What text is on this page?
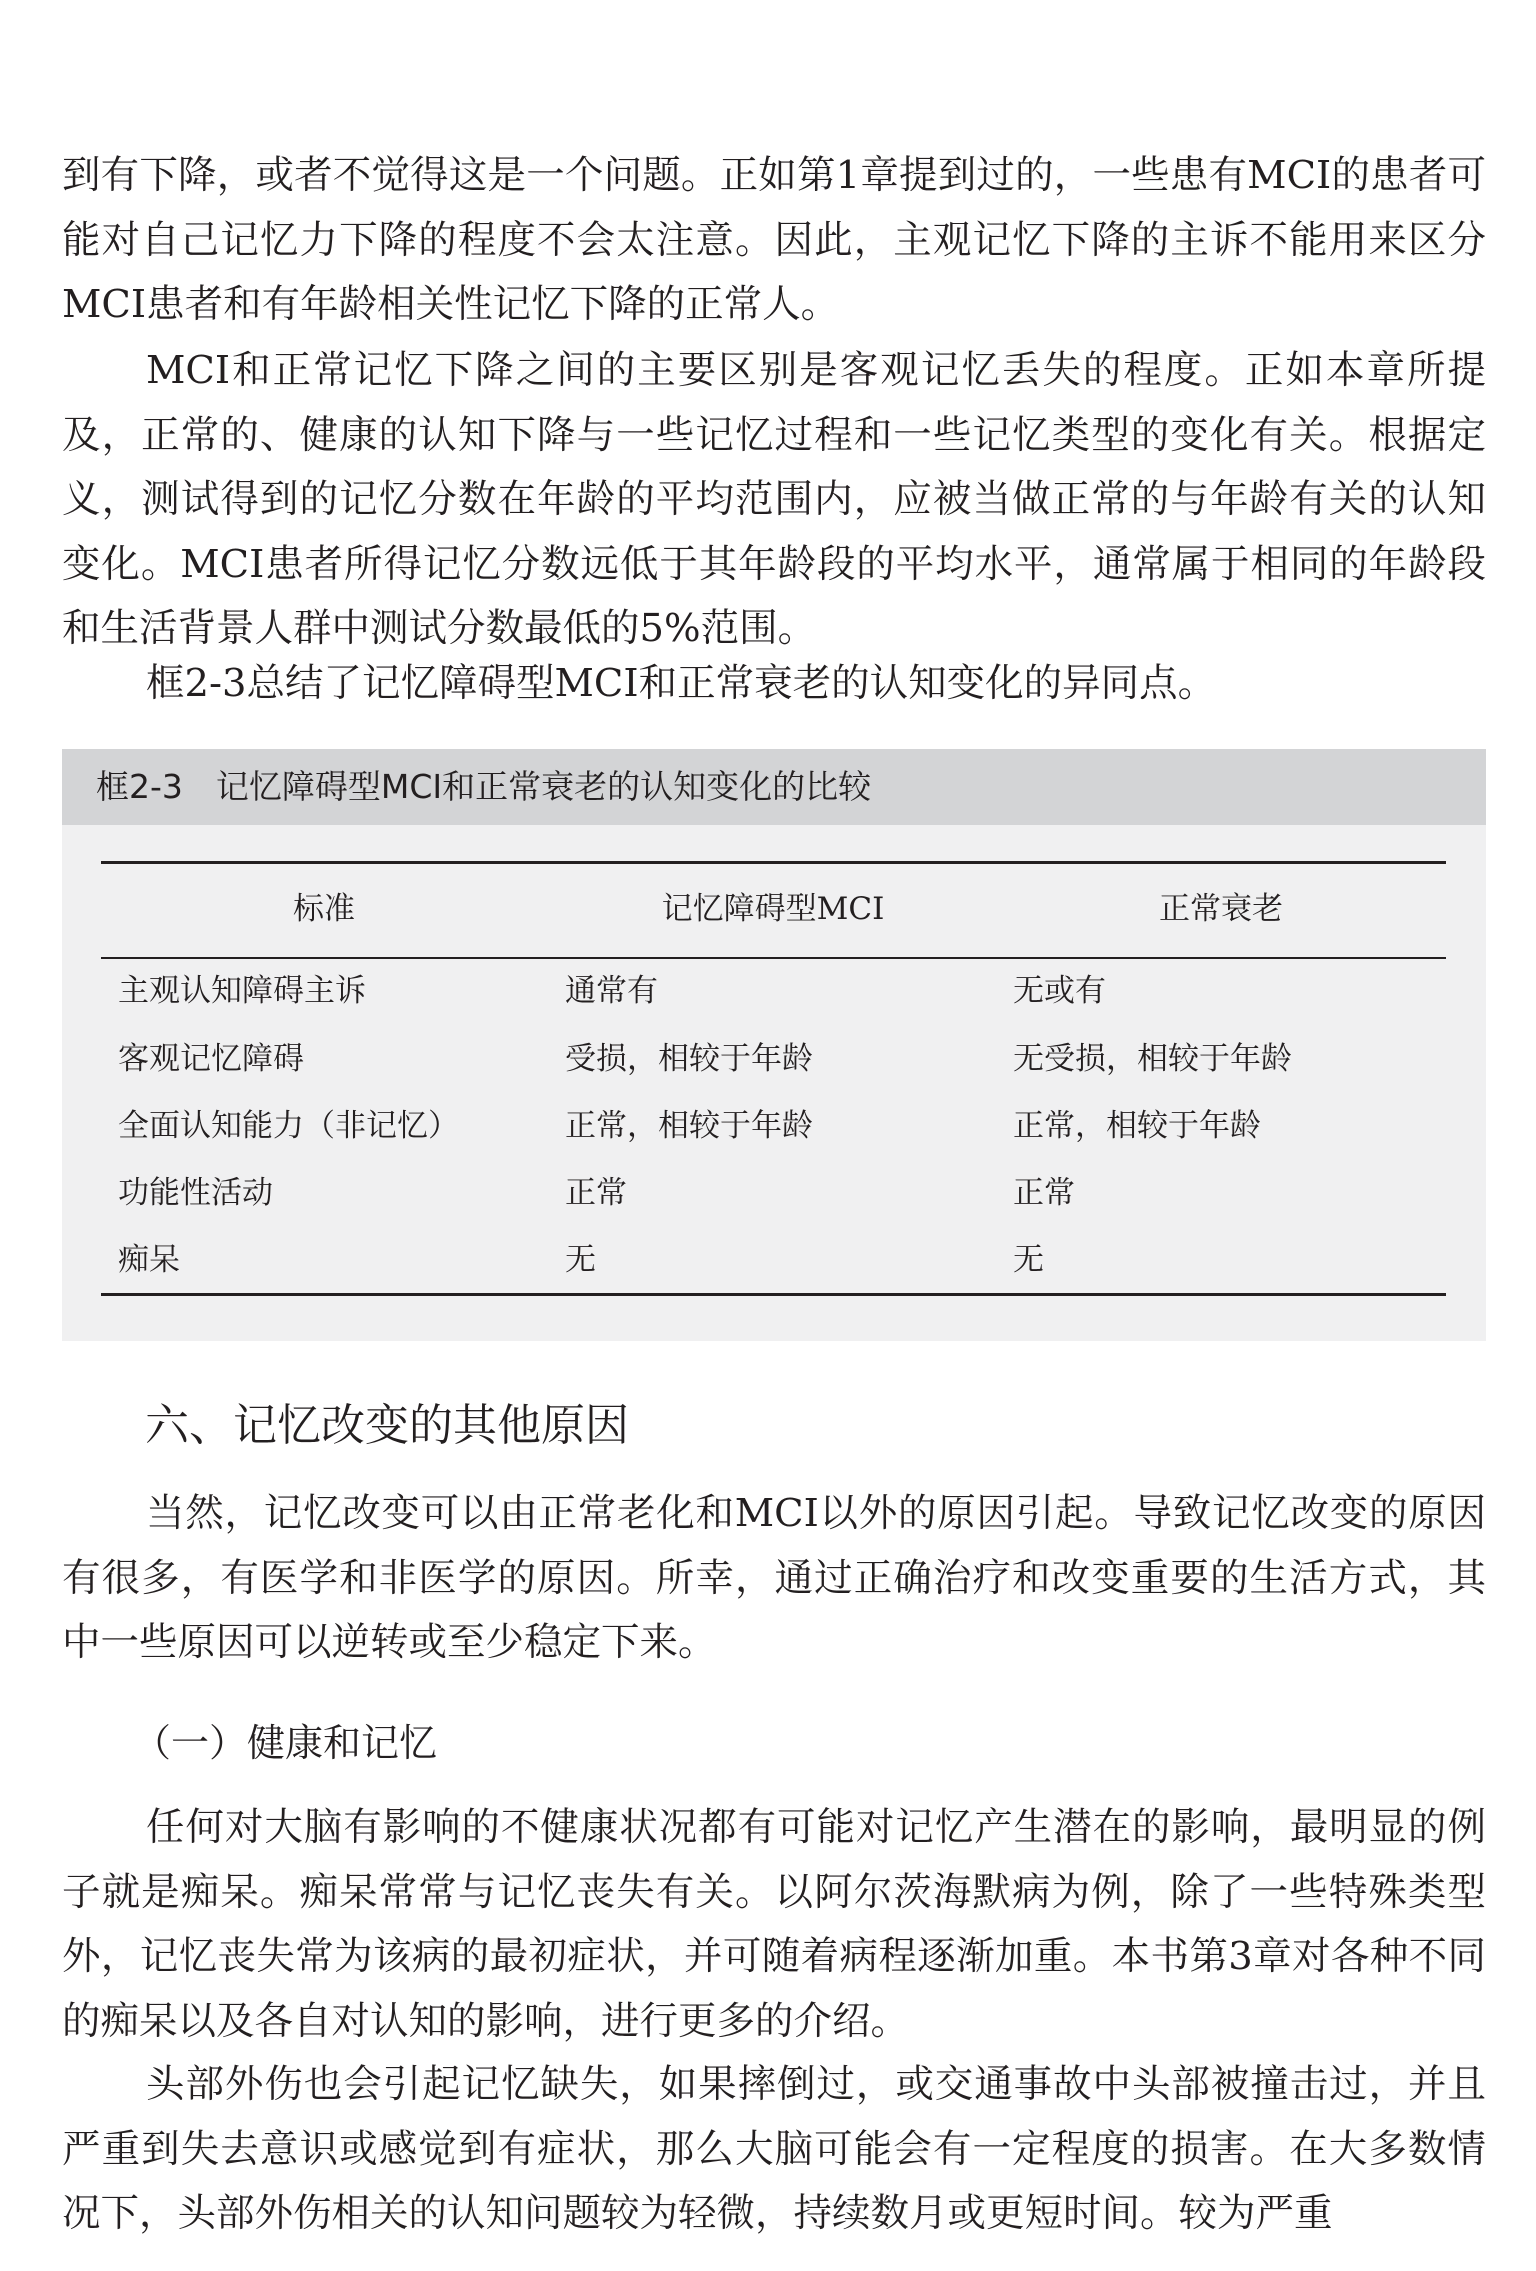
到有下降，或者不觉得这是一个问题。正如第1章提到过的，一些患有MCI的患者可能对自己记忆力下降的程度不会太注意。因此，主观记忆下降的主诉不能用来区分MCI患者和有年龄相关性记忆下降的正常人。

MCI和正常记忆下降之间的主要区别是客观记忆丢失的程度。正如本章所提及，正常的、健康的认知下降与一些记忆过程和一些记忆类型的变化有关。根据定义，测试得到的记忆分数在年龄的平均范围内，应被当做正常的与年龄有关的认知变化。MCI患者所得记忆分数远低于其年龄段的平均水平，通常属于相同的年龄段和生活背景人群中测试分数最低的5%范围。

框2-3总结了记忆障碍型MCI和正常衰老的认知变化的异同点。

框2-3　记忆障碍型MCI和正常衰老的认知变化的比较
标准	记忆障碍型MCI	正常衰老
主观认知障碍主诉	通常有	无或有
客观记忆障碍	受损，相较于年龄	无受损，相较于年龄
全面认知能力（非记忆）	正常，相较于年龄	正常，相较于年龄
功能性活动	正常	正常
痴呆	无	无
六、记忆改变的其他原因

当然，记忆改变可以由正常老化和MCI以外的原因引起。导致记忆改变的原因有很多，有医学和非医学的原因。所幸，通过正确治疗和改变重要的生活方式，其中一些原因可以逆转或至少稳定下来。

（一）健康和记忆

任何对大脑有影响的不健康状况都有可能对记忆产生潜在的影响，最明显的例子就是痴呆。痴呆常常与记忆丧失有关。以阿尔茨海默病为例，除了一些特殊类型外，记忆丧失常为该病的最初症状，并可随着病程逐渐加重。本书第3章对各种不同的痴呆以及各自对认知的影响，进行更多的介绍。

头部外伤也会引起记忆缺失，如果摔倒过，或交通事故中头部被撞击过，并且严重到失去意识或感觉到有症状，那么大脑可能会有一定程度的损害。在大多数情况下，头部外伤相关的认知问题较为轻微，持续数月或更短时间。较为严重
